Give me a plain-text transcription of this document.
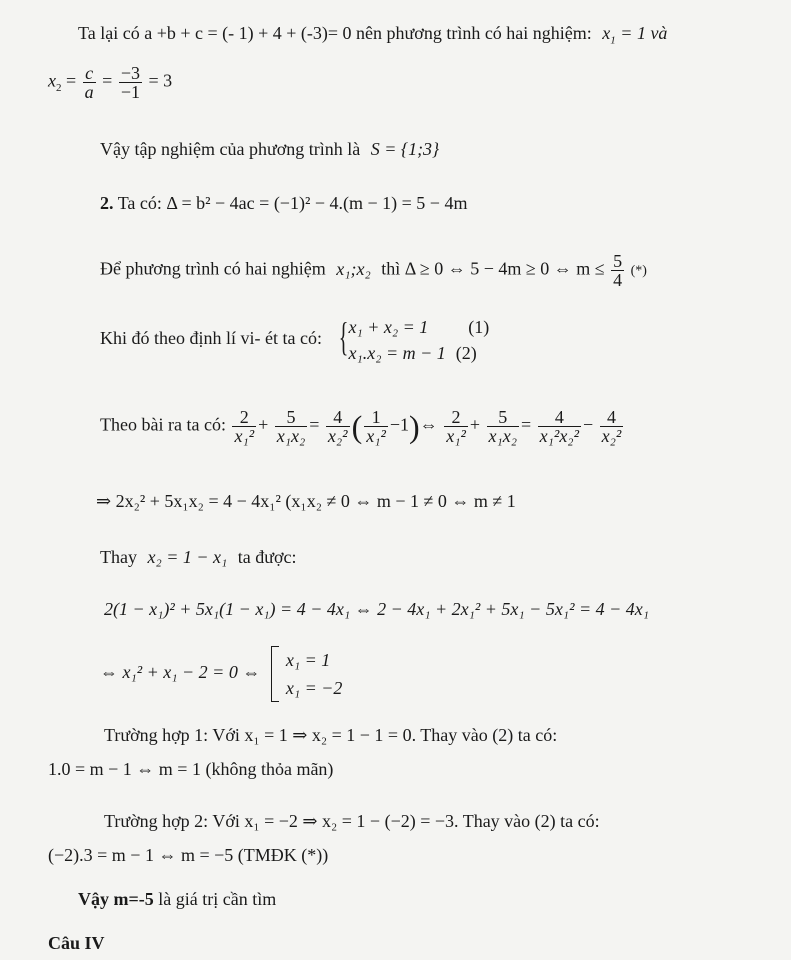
Ta lại có a +b + c = (- 1) + 4 + (-3)= 0 nên phương trình có hai nghiệm: $x_1 = 1$ và
$x_2 = \frac{c}{a} = \frac{-3}{-1} = 3$
Vậy tập nghiệm của phương trình là S = {1;3}
2. Ta có: Δ = b² − 4ac = (−1)² − 4.(m − 1) = 5 − 4m
Để phương trình có hai nghiệm x₁;x₂ thì Δ ≥ 0 ⇔ 5 − 4m ≥ 0 ⇔ $m \le \frac{5}{4}$ (*)
Khi đó theo định lí vi- ét ta có: { x₁ + x₂ = 1 (1)
x₁.x₂ = m − 1 (2)
Theo bài ra ta có: $\frac{2}{\text{x₁²}} + \frac{5}{\text{x₁x₂}} = \frac{4}{\text{x₂²}}$ ( $\frac{1}{\text{x₁²}}$ −1)⇔ $\frac{2}{\text{x₁²}} + \frac{5}{\text{x₁x₂}} = \frac{4}{\text{x₁²x₂²}} - \frac{4}{\text{x₂²}}$
⇒ 2x₂² + 5x₁x₂ = 4 − 4x₁² (x₁x₂ ≠ 0 ⇔ m − 1 ≠ 0 ⇔ m ≠ 1
Thay x₂ = 1 − x₁ ta được:
2(1 − x₁)² + 5x₁(1 − x₁) = 4 − 4x₁ ⇔ 2 − 4x₁ + 2x₁² + 5x₁ − 5x₁² = 4 − 4x₁
⇔ x₁² + x₁ − 2 = 0 ⇔
x₁ = 1
x₁ = −2
Trường hợp 1: Với x₁ = 1 ⇒ x₂ = 1 − 1 = 0. Thay vào (2) ta có:
1.0 = m − 1 ⇔ m = 1 (không thỏa mãn)
Trường hợp 2: Với x₁ = −2 ⇒ x₂ = 1 − (−2) = −3. Thay vào (2) ta có:
(−2).3 = m − 1 ⇔ m = −5 (TMĐK (*))
Vậy m=-5 là giá trị cần tìm
Câu IV
